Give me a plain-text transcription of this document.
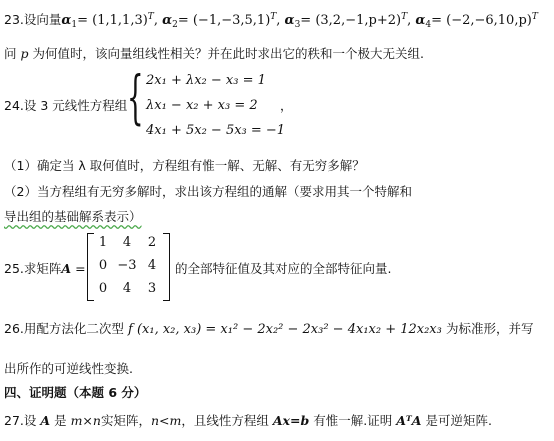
23.设向量$\alpha_1= (1,1,1,3)^T$, $\alpha_2= (-1,-3,5,1)^T$, $\alpha_3= (3,2,-1,p+2)^T$, $\alpha_4= (-2,-6,10,p)^T$
问 p 为何值时，该向量组线性相关？并在此时求出它的秩和一个极大无关组.
24.设 3 元线性方程组 { 2x₁ + λx₂ − x₃ = 1
λx₁ − x₂ + x₃ = 2 ，
4x₁ + 5x₂ − 5x₃ = −1
（1）确定当 λ 取何值时，方程组有惟一解、无解、有无穷多解？
（2）当方程组有无穷多解时，求出该方程组的通解（要求用其一个特解和
导出组的基础解系表示）
25.求矩阵A =
1	4	2
0 −3 4
0	4	3
的全部特征值及其对应的全部特征向量.
26.用配方法化二次型 f (x₁, x₂, x₃) = x₁² − 2x₂² − 2x₃² − 4x₁x₂ + 12x₂x₃ 为标准形，并写
出所作的可逆线性变换.
四、证明题（本题 6 分）
27.设 A 是 m×n实矩阵，n<m，且线性方程组 Ax=b 有惟一解.证明 AᵀA 是可逆矩阵.
